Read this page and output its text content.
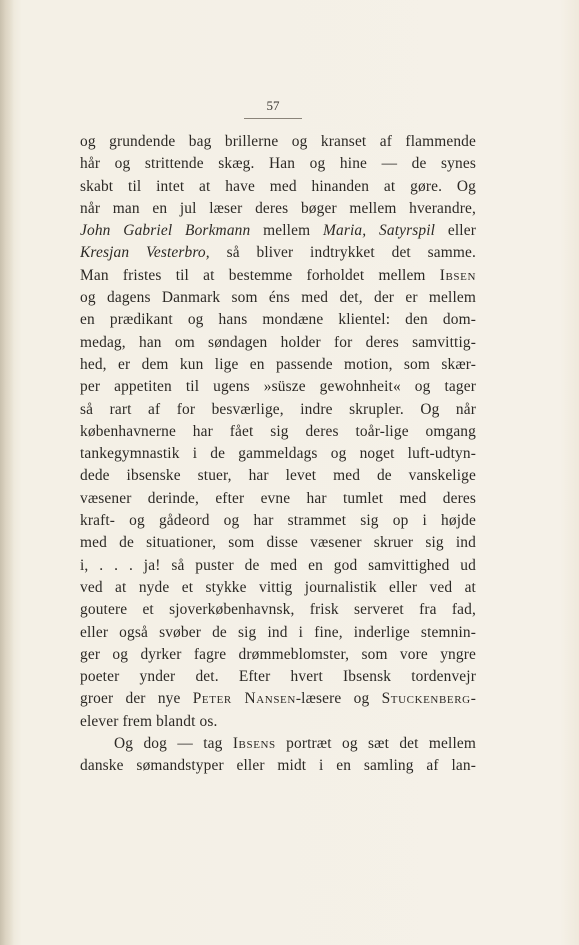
57
og grundende bag brillerne og kranset af flammende
hår og strittende skæg. Han og hine — de synes
skabt til intet at have med hinanden at gøre. Og
når man en jul læser deres bøger mellem hverandre,
John Gabriel Borkmann mellem Maria, Satyrspil eller
Kresjan Vesterbro, så bliver indtrykket det samme.
Man fristes til at bestemme forholdet mellem Ibsen
og dagens Danmark som éns med det, der er mellem
en prædikant og hans mondæne klientel: den dom-
medag, han om søndagen holder for deres samvittig-
hed, er dem kun lige en passende motion, som skær-
per appetiten til ugens »süsze gewohnheit« og tager
så rart af for besværlige, indre skrupler. Og når
københavnerne har fået sig deres toår-lige omgang
tankegymnastik i de gammeldags og noget luft-udtyn-
dede ibsenske stuer, har levet med de vanskelige
væsener derinde, efter evne har tumlet med deres
kraft- og gådeord og har strammet sig op i højde
med de situationer, som disse væsener skruer sig ind
i, . . . ja! så puster de med en god samvittighed ud
ved at nyde et stykke vittig journalistik eller ved at
goutere et sjoverkøbenhavnsk, frisk serveret fra fad,
eller også svøber de sig ind i fine, inderlige stemnin-
ger og dyrker fagre drømmeblomster, som vore yngre
poeter ynder det. Efter hvert Ibsensk tordenvejr
groer der nye Peter Nansen-læsere og Stuckenberg-
elever frem blandt os.
Og dog — tag Ibsens portræt og sæt det mellem
danske sømandstyper eller midt i en samling af lan-
